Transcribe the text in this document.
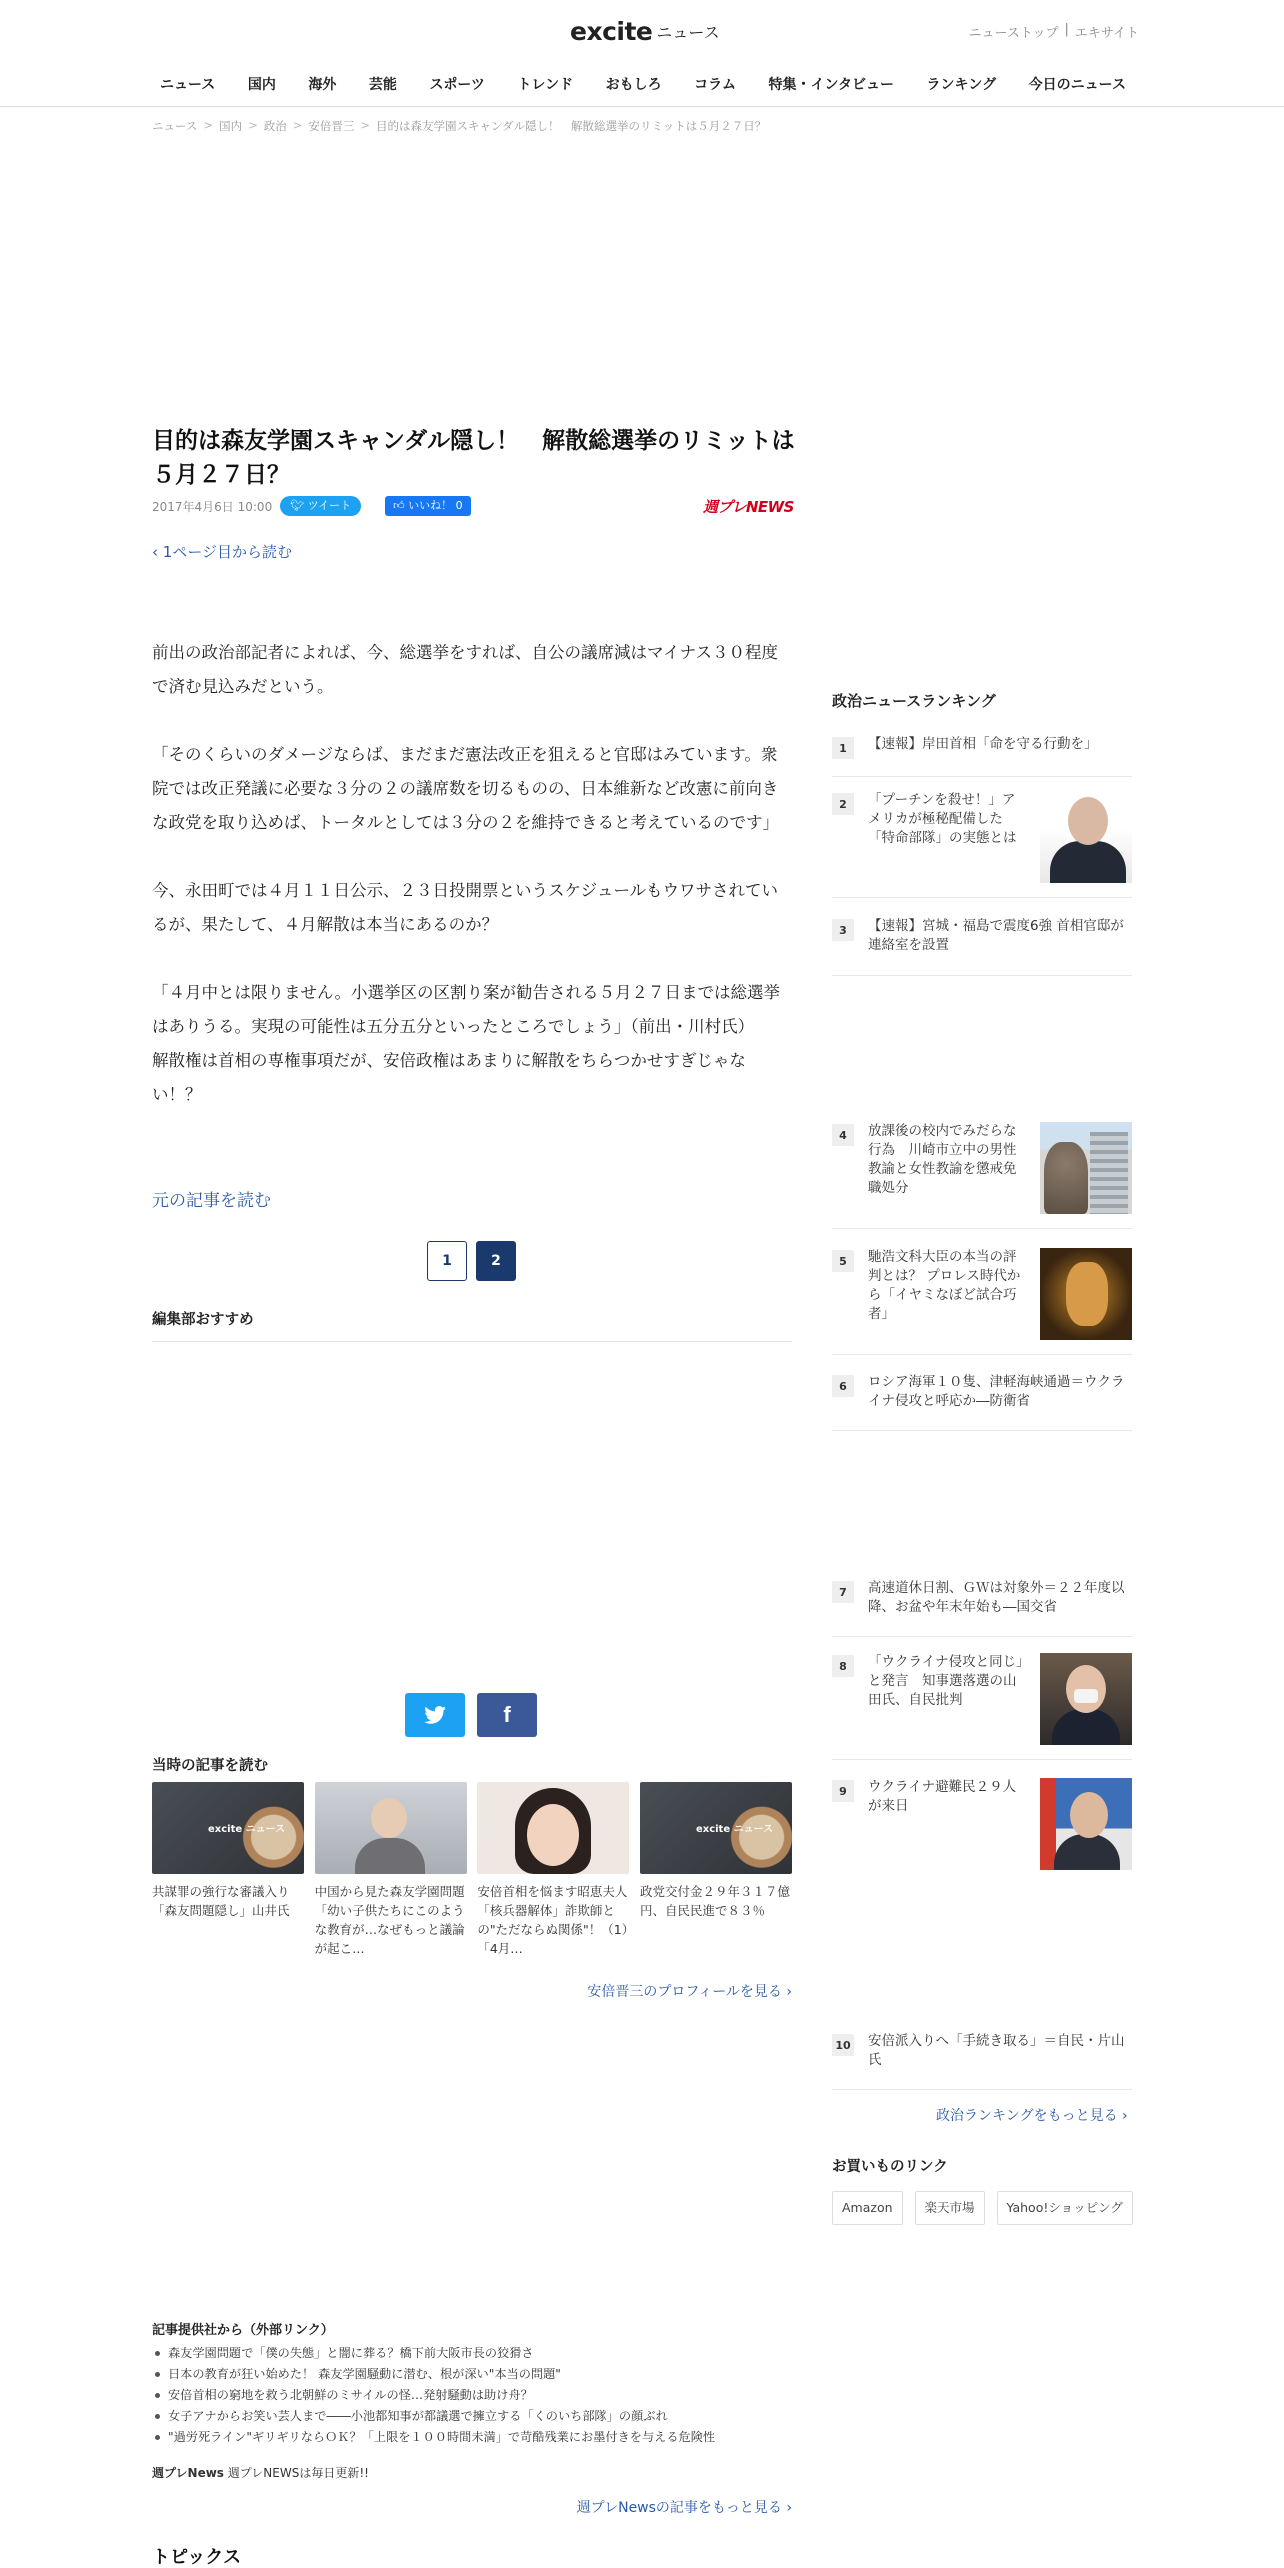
excite ニュース	ニューストップ | エキサイト
ニュース 国内 海外 芸能 スポーツ トレンド おもしろ コラム 特集・インタビュー ランキング 今日のニュース
ニュース > 国内 > 政治 > 安倍晋三 > 目的は森友学園スキャンダル隠し！　解散総選挙のリミットは５月２７日？
目的は森友学園スキャンダル隠し！　解散総選挙のリミットは５月２７日？
2017年4月6日 10:00	🐦︎ ツイート	👍︎ いいね！ 0	週プレNEWS
‹ 1ページ目から読む

前出の政治部記者によれば、今、総選挙をすれば、自公の議席減はマイナス３０程度で済む見込みだという。

「そのくらいのダメージならば、まだまだ憲法改正を狙えると官邸はみています。衆院では改正発議に必要な３分の２の議席数を切るものの、日本維新など改憲に前向きな政党を取り込めば、トータルとしては３分の２を維持できると考えているのです」

今、永田町では４月１１日公示、２３日投開票というスケジュールもウワサされているが、果たして、４月解散は本当にあるのか？

「４月中とは限りません。小選挙区の区割り案が勧告される５月２７日までは総選挙はありうる。実現の可能性は五分五分といったところでしょう」（前出・川村氏）

解散権は首相の専権事項だが、安倍政権はあまりに解散をちらつかせすぎじゃない！？

元の記事を読む
1	2
編集部おすすめ
f
当時の記事を読む
excite ニュース
共謀罪の強行な審議入り「森友問題隠し」山井氏
中国から見た森友学園問題「幼い子供たちにこのような教育が…なぜもっと議論が起こ…
安倍首相を悩ます昭恵夫人「核兵器解体」詐欺師との"ただならぬ関係"！（1）「4月…
excite ニュース
政党交付金２９年３１７億円、自民民進で８３％
安倍晋三のプロフィールを見る ›
記事提供社から（外部リンク）
森友学園問題で「僕の失態」と闇に葬る？橋下前大阪市長の狡猾さ
日本の教育が狂い始めた！ 森友学園騒動に潜む、根が深い"本当の問題"
安倍首相の窮地を救う北朝鮮のミサイルの怪…発射騒動は助け舟？
女子アナからお笑い芸人まで――小池都知事が都議選で擁立する「くのいち部隊」の顔ぶれ
"過労死ライン"ギリギリならＯＫ？「上限を１００時間未満」で苛酷残業にお墨付きを与える危険性
週プレNews 週プレNEWSは毎日更新!!
週プレNewsの記事をもっと見る ›
トピックス
政治ニュースランキング
1	【速報】岸田首相「命を守る行動を」
2	「プーチンを殺せ！」アメリカが極秘配備した「特命部隊」の実態とは
3	【速報】宮城・福島で震度6強 首相官邸が連絡室を設置
4	放課後の校内でみだらな行為　川崎市立中の男性教諭と女性教諭を懲戒免職処分
5	馳浩文科大臣の本当の評判とは？ プロレス時代から「イヤミなぼど試合巧者」
6	ロシア海軍１０隻、津軽海峡通過＝ウクライナ侵攻と呼応か―防衛省
7	高速道休日割、ＧＷは対象外＝２２年度以降、お盆や年末年始も―国交省
8	「ウクライナ侵攻と同じ」と発言　知事選落選の山田氏、自民批判
9	ウクライナ避難民２９人が来日
10 安倍派入りへ「手続き取る」＝自民・片山氏
政治ランキングをもっと見る ›
お買いものリンク
Amazon	楽天市場	Yahoo!ショッピング
